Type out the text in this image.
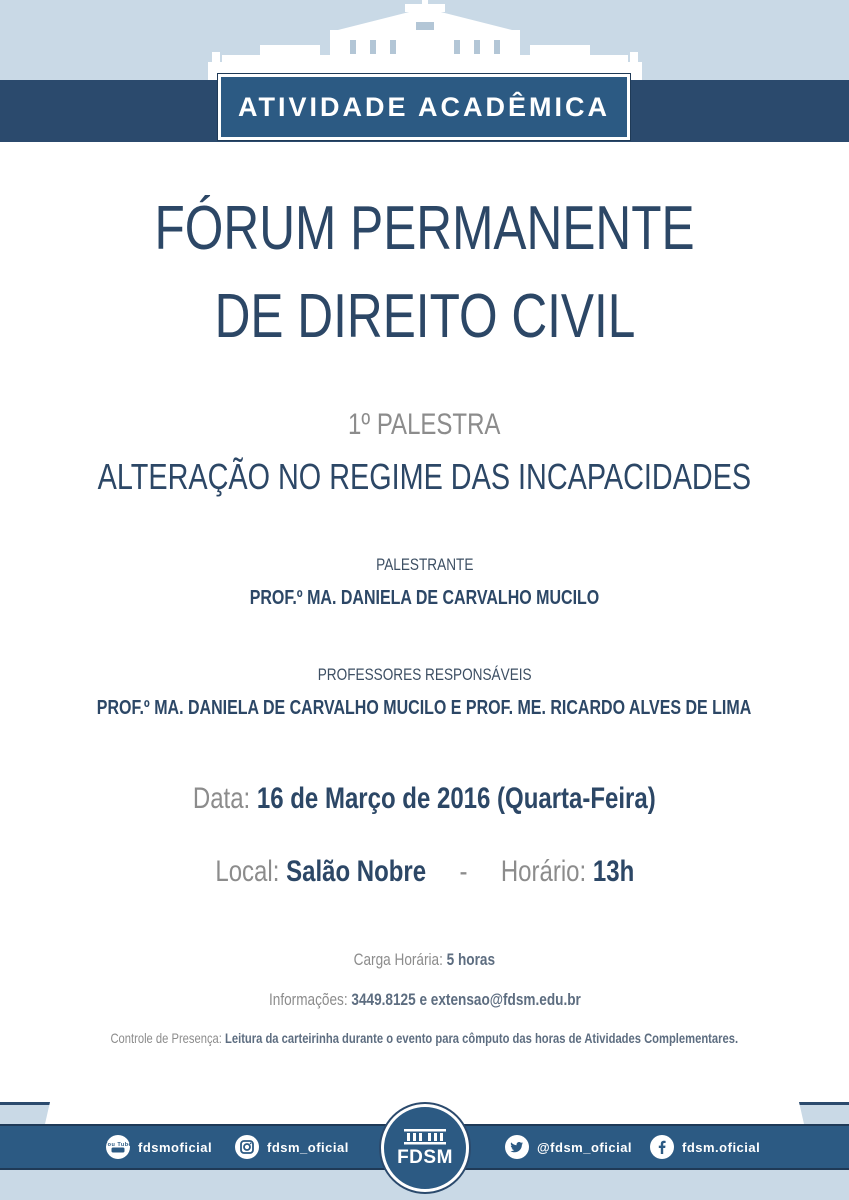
ATIVIDADE ACADÊMICA
FÓRUM PERMANENTE
DE DIREITO CIVIL
1º PALESTRA
ALTERAÇÃO NO REGIME DAS INCAPACIDADES
PALESTRANTE
PROF.º MA. DANIELA DE CARVALHO MUCILO
PROFESSORES RESPONSÁVEIS
PROF.º MA. DANIELA DE CARVALHO MUCILO E PROF. ME. RICARDO ALVES DE LIMA
Data: 16 de Março de 2016 (Quarta-Feira)
Local: Salão Nobre - Horário: 13h
Carga Horária: 5 horas
Informações: 3449.8125 e extensao@fdsm.edu.br
Controle de Presença: Leitura da carteirinha durante o evento para cômputo das horas de Atividades Complementares.
You Tube fdsmoficial	fdsm_oficial	FDSM	@fdsm_oficial	fdsm.oficial
